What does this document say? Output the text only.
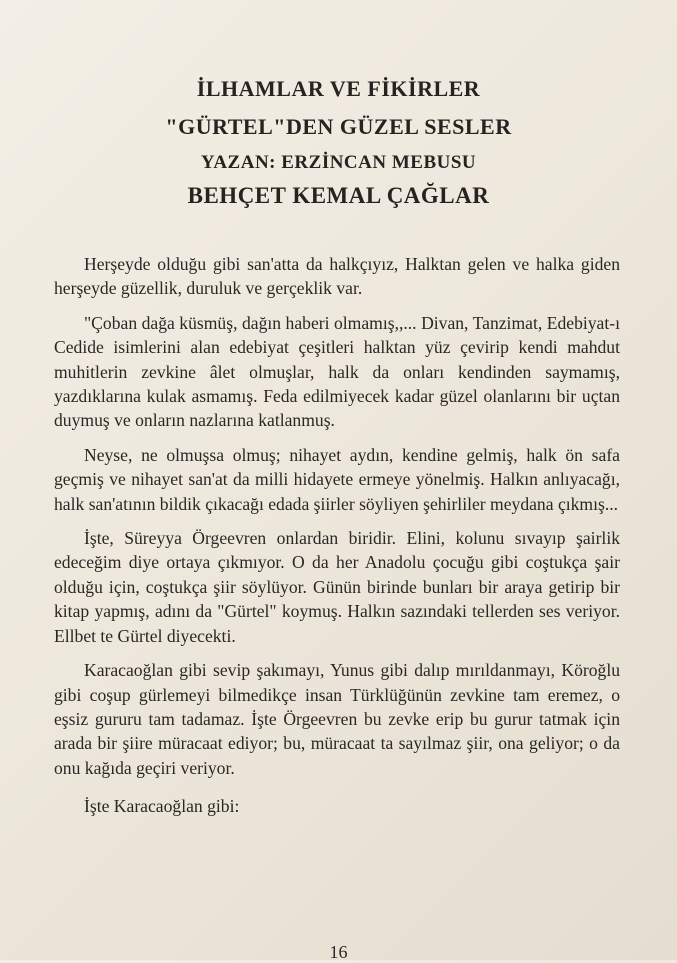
İLHAMLAR VE FİKİRLER
"GÜRTEL"DEN GÜZEL SESLER
YAZAN: ERZİNCAN MEBUSU
BEHÇET KEMAL ÇAĞLAR

Herşeyde olduğu gibi san'atta da halkçıyız, Halktan gelen ve halka giden herşeyde güzellik, duruluk ve gerçeklik var.

"Çoban dağa küsmüş, dağın haberi olmamış,,... Divan, Tanzimat, Edebiyat-ı Cedide isimlerini alan edebiyat çeşitleri halktan yüz çevirip kendi mahdut muhitlerin zevkine âlet olmuşlar, halk da onları kendinden saymamış, yazdıklarına kulak asmamış. Feda edilmiyecek kadar güzel olanlarını bir uçtan duymuş ve onların nazlarına katlanmuş.

Neyse, ne olmuşsa olmuş; nihayet aydın, kendine gelmiş, halk ön safa geçmiş ve nihayet san'at da milli hidayete ermeye yönelmiş. Halkın anlıyacağı, halk san'atının bildik çıkacağı edada şiirler söyliyen şehirliler meydana çıkmış...

İşte, Süreyya Örgeevren onlardan biridir. Elini, kolunu sıvayıp şairlik edeceğim diye ortaya çıkmıyor. O da her Anadolu çocuğu gibi coştukça şair olduğu için, coştukça şiir söylüyor. Günün birinde bunları bir araya getirip bir kitap yapmış, adını da "Gürtel" koymuş. Halkın sazındaki tellerden ses veriyor. Ellbet te Gürtel diyecekti.

Karacaoğlan gibi sevip şakımayı, Yunus gibi dalıp mırıldanmayı, Köroğlu gibi coşup gürlemeyi bilmedikçe insan Türklüğünün zevkine tam eremez, o eşsiz gururu tam tadamaz. İşte Örgeevren bu zevke erip bu gurur tatmak için arada bir şiire müracaat ediyor; bu, müracaat ta sayılmaz şiir, ona geliyor; o da onu kağıda geçiri veriyor.

İşte Karacaoğlan gibi:

16
